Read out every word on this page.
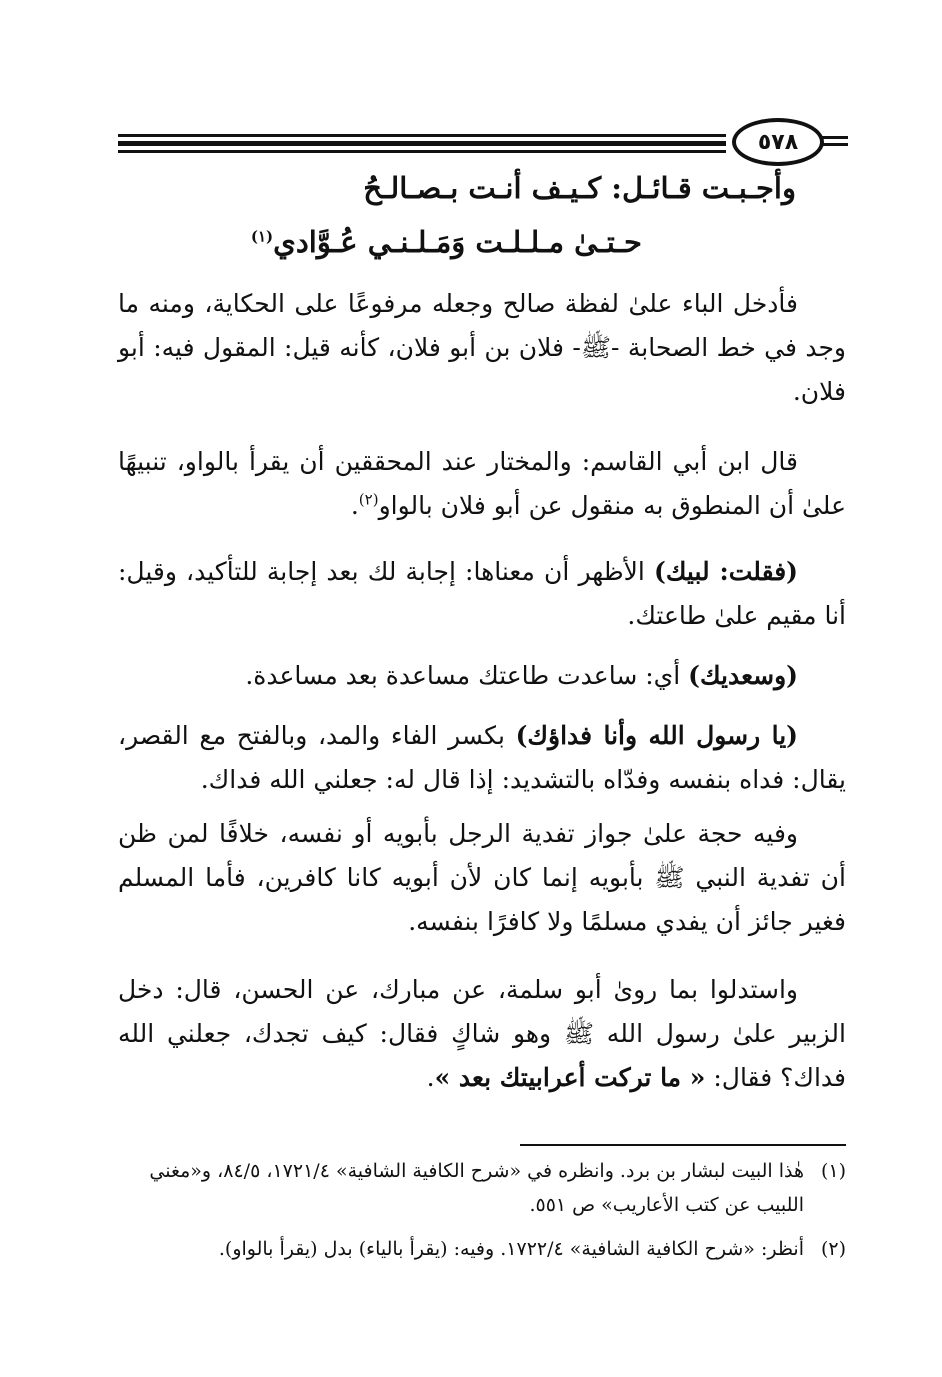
٥٧٨
وأجـبـت قـائـل: كـيـف أنـت بـصـالـحُ
حـتـىٰ مـلـلـت وَمَـلـنـي عُـوَّادي$^{(١)}$

فأدخل الباء علىٰ لفظة صالح وجعله مرفوعًا على الحكاية، ومنه ما وجد في خط الصحابة -ﷺ- فلان بن أبو فلان، كأنه قيل: المقول فيه: أبو فلان.

قال ابن أبي القاسم: والمختار عند المحققين أن يقرأ بالواو، تنبيهًا علىٰ أن المنطوق به منقول عن أبو فلان بالواو$^{(٢)}$.

(فقلت: لبيك) الأظهر أن معناها: إجابة لك بعد إجابة للتأكيد، وقيل: أنا مقيم علىٰ طاعتك.

(وسعديك) أي: ساعدت طاعتك مساعدة بعد مساعدة.

(يا رسول الله وأنا فداؤك) بكسر الفاء والمد، وبالفتح مع القصر، يقال: فداه بنفسه وفدّاه بالتشديد: إذا قال له: جعلني الله فداك.

وفيه حجة علىٰ جواز تفدية الرجل بأبويه أو نفسه، خلافًا لمن ظن أن تفدية النبي ﷺ بأبويه إنما كان لأن أبويه كانا كافرين، فأما المسلم فغير جائز أن يفدي مسلمًا ولا كافرًا بنفسه.

واستدلوا بما روىٰ أبو سلمة، عن مبارك، عن الحسن، قال: دخل الزبير علىٰ رسول الله ﷺ وهو شاكٍ فقال: كيف تجدك، جعلني الله فداك؟ فقال: « ما تركت أعرابيتك بعد ».

(١)
هٰذا البيت لبشار بن برد. وانظره في «شرح الكافية الشافية» ١٧٢١/٤، ٨٤/٥، و«مغني اللبيب عن كتب الأعاريب» ص ٥٥١.

(٢)
أنظر: «شرح الكافية الشافية» ١٧٢٢/٤. وفيه: (يقرأ بالياء) بدل (يقرأ بالواو).
